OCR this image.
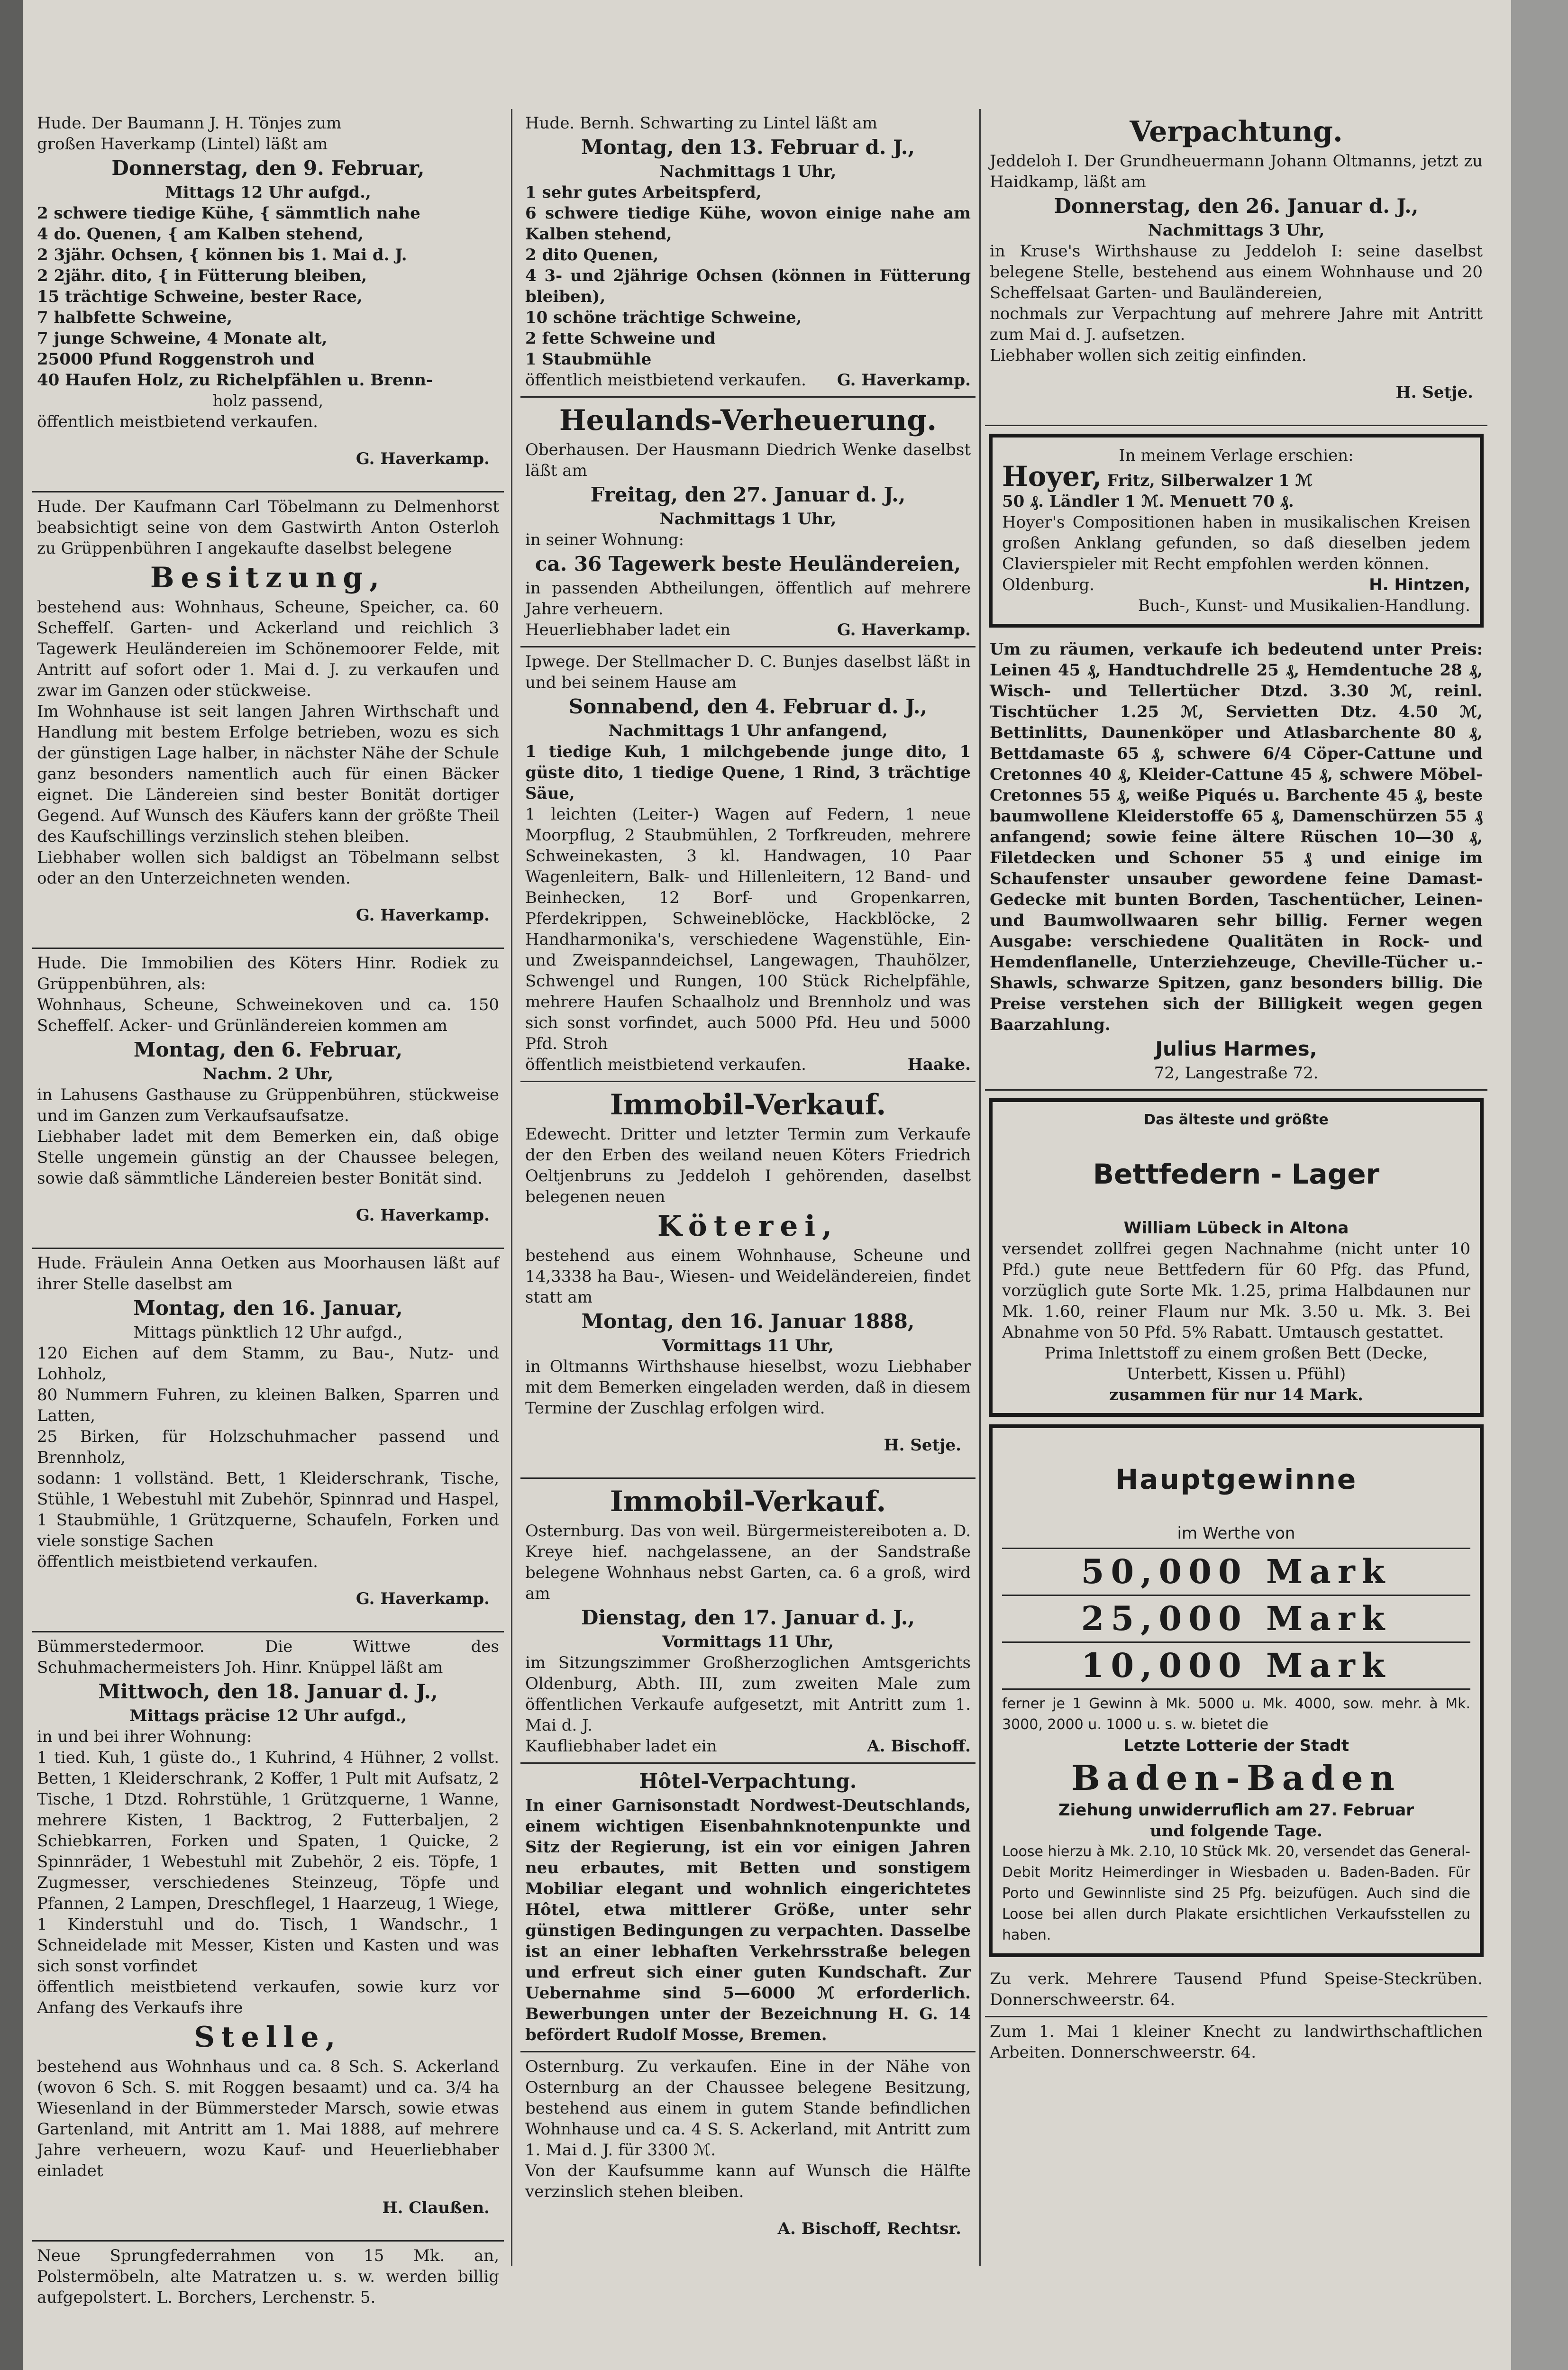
Hude. Der Baumann J. H. Tönjes zum

großen Haverkamp (Lintel) läßt am

Donnerstag, den 9. Februar,

Mittags 12 Uhr aufgd.,

2 schwere tiedige Kühe, { sämmtlich nahe

4 do. Quenen, { am Kalben stehend,

2 3jähr. Ochsen, { können bis 1. Mai d. J.

2 2jähr. dito, { in Fütterung bleiben,

15 trächtige Schweine, bester Race,

7 halbfette Schweine,

7 junge Schweine, 4 Monate alt,

25000 Pfund Roggenstroh und

40 Haufen Holz, zu Richelpfählen u. Brenn-

holz passend,

öffentlich meistbietend verkaufen.

G. Haverkamp.

Hude. Der Kaufmann Carl Töbelmann zu Delmenhorst beabsichtigt seine von dem Gastwirth Anton Osterloh zu Grüppenbühren I angekaufte daselbst belegene

Besitzung,

bestehend aus: Wohnhaus, Scheune, Speicher, ca. 60 Scheffelſ. Garten- und Ackerland und reichlich 3 Tagewerk Heuländereien im Schönemoorer Felde, mit Antritt auf sofort oder 1. Mai d. J. zu verkaufen und zwar im Ganzen oder stückweise.

Im Wohnhause ist seit langen Jahren Wirthschaft und Handlung mit bestem Erfolge betrieben, wozu es sich der günstigen Lage halber, in nächster Nähe der Schule ganz besonders namentlich auch für einen Bäcker eignet. Die Ländereien sind bester Bonität dortiger Gegend. Auf Wunsch des Käufers kann der größte Theil des Kaufschillings verzinslich stehen bleiben.

Liebhaber wollen sich baldigst an Töbelmann selbst oder an den Unterzeichneten wenden.

G. Haverkamp.

Hude. Die Immobilien des Köters Hinr. Rodiek zu Grüppenbühren, als:

Wohnhaus, Scheune, Schweinekoven und ca. 150 Scheffelſ. Acker- und Grünländereien kommen am

Montag, den 6. Februar,

Nachm. 2 Uhr,

in Lahusens Gasthause zu Grüppenbühren, stückweise und im Ganzen zum Verkaufsaufsatze.

Liebhaber ladet mit dem Bemerken ein, daß obige Stelle ungemein günstig an der Chaussee belegen, sowie daß sämmtliche Ländereien bester Bonität sind.

G. Haverkamp.

Hude. Fräulein Anna Oetken aus Moorhausen läßt auf ihrer Stelle daselbst am

Montag, den 16. Januar,

Mittags pünktlich 12 Uhr aufgd.,

120 Eichen auf dem Stamm, zu Bau-, Nutz- und Lohholz,

80 Nummern Fuhren, zu kleinen Balken, Sparren und Latten,

25 Birken, für Holzschuhmacher passend und Brennholz,

sodann: 1 vollständ. Bett, 1 Kleiderschrank, Tische, Stühle, 1 Webestuhl mit Zubehör, Spinnrad und Haspel, 1 Staubmühle, 1 Grützquerne, Schaufeln, Forken und viele sonstige Sachen

öffentlich meistbietend verkaufen.

G. Haverkamp.

Bümmerstedermoor. Die Wittwe des Schuhmachermeisters Joh. Hinr. Knüppel läßt am

Mittwoch, den 18. Januar d. J.,

Mittags präcise 12 Uhr aufgd.,

in und bei ihrer Wohnung:

1 tied. Kuh, 1 güste do., 1 Kuhrind, 4 Hühner, 2 vollst. Betten, 1 Kleiderschrank, 2 Koffer, 1 Pult mit Aufsatz, 2 Tische, 1 Dtzd. Rohrstühle, 1 Grützquerne, 1 Wanne, mehrere Kisten, 1 Backtrog, 2 Futterbaljen, 2 Schiebkarren, Forken und Spaten, 1 Quicke, 2 Spinnräder, 1 Webestuhl mit Zubehör, 2 eis. Töpfe, 1 Zugmesser, verschiedenes Steinzeug, Töpfe und Pfannen, 2 Lampen, Dreschflegel, 1 Haarzeug, 1 Wiege, 1 Kinderstuhl und do. Tisch, 1 Wandschr., 1 Schneidelade mit Messer, Kisten und Kasten und was sich sonst vorfindet

öffentlich meistbietend verkaufen, sowie kurz vor Anfang des Verkaufs ihre

Stelle,

bestehend aus Wohnhaus und ca. 8 Sch. S. Ackerland (wovon 6 Sch. S. mit Roggen besaamt) und ca. 3/4 ha Wiesenland in der Bümmersteder Marsch, sowie etwas Gartenland, mit Antritt am 1. Mai 1888, auf mehrere Jahre verheuern, wozu Kauf- und Heuerliebhaber einladet

H. Claußen.

Neue Sprungfederrahmen von 15 Mk. an, Polstermöbeln, alte Matratzen u. s. w. werden billig aufgepolstert. L. Borchers, Lerchenstr. 5.

Hude. Bernh. Schwarting zu Lintel läßt am

Montag, den 13. Februar d. J.,

Nachmittags 1 Uhr,

1 sehr gutes Arbeitspferd,

6 schwere tiedige Kühe, wovon einige nahe am Kalben stehend,

2 dito Quenen,

4 3- und 2jährige Ochsen (können in Fütterung bleiben),

10 schöne trächtige Schweine,

2 fette Schweine und

1 Staubmühle

öffentlich meistbietend verkaufen. G. Haverkamp.

Heulands-Verheuerung.

Oberhausen. Der Hausmann Diedrich Wenke daselbst läßt am

Freitag, den 27. Januar d. J.,

Nachmittags 1 Uhr,

in seiner Wohnung:

ca. 36 Tagewerk beste Heuländereien,

in passenden Abtheilungen, öffentlich auf mehrere Jahre verheuern.

Heuerliebhaber ladet ein	G. Haverkamp.

Ipwege. Der Stellmacher D. C. Bunjes daselbst läßt in und bei seinem Hause am

Sonnabend, den 4. Februar d. J.,

Nachmittags 1 Uhr anfangend,

1 tiedige Kuh, 1 milchgebende junge dito, 1 güste dito, 1 tiedige Quene, 1 Rind, 3 trächtige Säue,

1 leichten (Leiter-) Wagen auf Federn, 1 neue Moorpflug, 2 Staubmühlen, 2 Torfkreuden, mehrere Schweinekasten, 3 kl. Handwagen, 10 Paar Wagenleitern, Balk- und Hillenleitern, 12 Band- und Beinhecken, 12 Borf- und Gropenkarren, Pferdekrippen, Schweineblöcke, Hackblöcke, 2 Handharmonika's, verschiedene Wagenstühle, Ein- und Zweispanndeichsel, Langewagen, Thauhölzer, Schwengel und Rungen, 100 Stück Richelpfähle, mehrere Haufen Schaalholz und Brennholz und was sich sonst vorfindet, auch 5000 Pfd. Heu und 5000 Pfd. Stroh

öffentlich meistbietend verkaufen.	Haake.

Immobil-Verkauf.

Edewecht. Dritter und letzter Termin zum Verkaufe der den Erben des weiland neuen Köters Friedrich Oeltjenbruns zu Jeddeloh I gehörenden, daselbst belegenen neuen

Köterei,

bestehend aus einem Wohnhause, Scheune und 14,3338 ha Bau-, Wiesen- und Weideländereien, findet statt am

Montag, den 16. Januar 1888,

Vormittags 11 Uhr,

in Oltmanns Wirthshause hieselbst, wozu Liebhaber mit dem Bemerken eingeladen werden, daß in diesem Termine der Zuschlag erfolgen wird.

H. Setje.

Immobil-Verkauf.

Osternburg. Das von weil. Bürgermeistereiboten a. D. Kreye hief. nachgelassene, an der Sandstraße belegene Wohnhaus nebst Garten, ca. 6 a groß, wird am

Dienstag, den 17. Januar d. J.,

Vormittags 11 Uhr,

im Sitzungszimmer Großherzoglichen Amtsgerichts Oldenburg, Abth. III, zum zweiten Male zum öffentlichen Verkaufe aufgesetzt, mit Antritt zum 1. Mai d. J.

Kaufliebhaber ladet ein	A. Bischoff.

Hôtel-Verpachtung.

In einer Garnisonstadt Nordwest-Deutschlands, einem wichtigen Eisenbahnknotenpunkte und Sitz der Regierung, ist ein vor einigen Jahren neu erbautes, mit Betten und sonstigem Mobiliar elegant und wohnlich eingerichtetes Hôtel, etwa mittlerer Größe, unter sehr günstigen Bedingungen zu verpachten. Dasselbe ist an einer lebhaften Verkehrsstraße belegen und erfreut sich einer guten Kundschaft. Zur Uebernahme sind 5—6000 ℳ erforderlich. Bewerbungen unter der Bezeichnung H. G. 14 befördert Rudolf Mosse, Bremen.

Osternburg. Zu verkaufen. Eine in der Nähe von Osternburg an der Chaussee belegene Besitzung, bestehend aus einem in gutem Stande befindlichen Wohnhause und ca. 4 S. S. Ackerland, mit Antritt zum 1. Mai d. J. für 3300 ℳ.

Von der Kaufsumme kann auf Wunsch die Hälfte verzinslich stehen bleiben.

A. Bischoff, Rechtsr.

Verpachtung.

Jeddeloh I. Der Grundheuermann Johann Oltmanns, jetzt zu Haidkamp, läßt am

Donnerstag, den 26. Januar d. J.,

Nachmittags 3 Uhr,

in Kruse's Wirthshause zu Jeddeloh I: seine daselbst belegene Stelle, bestehend aus einem Wohnhause und 20 Scheffelsaat Garten- und Bauländereien,

nochmals zur Verpachtung auf mehrere Jahre mit Antritt zum Mai d. J. aufsetzen.

Liebhaber wollen sich zeitig einfinden.

H. Setje.

In meinem Verlage erschien:

Hoyer, Fritz, Silberwalzer 1 ℳ

50 ₰. Ländler 1 ℳ. Menuett 70 ₰.

Hoyer's Compositionen haben in musikalischen Kreisen großen Anklang gefunden, so daß dieselben jedem Clavierspieler mit Recht empfohlen werden können.

Oldenburg.	H. Hintzen,

Buch-, Kunst- und Musikalien-Handlung.

Um zu räumen, verkaufe ich bedeutend unter Preis: Leinen 45 ₰, Handtuchdrelle 25 ₰, Hemdentuche 28 ₰, Wisch- und Tellertücher Dtzd. 3.30 ℳ, reinl. Tischtücher 1.25 ℳ, Servietten Dtz. 4.50 ℳ, Bettinlitts, Daunenköper und Atlasbarchente 80 ₰, Bettdamaste 65 ₰, schwere 6/4 Cöper-Cattune und Cretonnes 40 ₰, Kleider-Cattune 45 ₰, schwere Möbel-Cretonnes 55 ₰, weiße Piqués u. Barchente 45 ₰, beste baumwollene Kleiderstoffe 65 ₰, Damenschürzen 55 ₰ anfangend; sowie feine ältere Rüschen 10—30 ₰, Filetdecken und Schoner 55 ₰ und einige im Schaufenster unsauber gewordene feine Damast-Gedecke mit bunten Borden, Taschentücher, Leinen- und Baumwollwaaren sehr billig. Ferner wegen Ausgabe: verschiedene Qualitäten in Rock- und Hemdenflanelle, Unterziehzeuge, Cheville-Tücher u.-Shawls, schwarze Spitzen, ganz besonders billig. Die Preise verstehen sich der Billigkeit wegen gegen Baarzahlung.

Julius Harmes,

72, Langestraße 72.

Das älteste und größte

Bettfedern - Lager

William Lübeck in Altona

versendet zollfrei gegen Nachnahme (nicht unter 10 Pfd.) gute neue Bettfedern für 60 Pfg. das Pfund, vorzüglich gute Sorte Mk. 1.25, prima Halbdaunen nur Mk. 1.60, reiner Flaum nur Mk. 3.50 u. Mk. 3. Bei Abnahme von 50 Pfd. 5% Rabatt. Umtausch gestattet.

Prima Inlettstoff zu einem großen Bett (Decke, Unterbett, Kissen u. Pfühl)

zusammen für nur 14 Mark.

Hauptgewinne

im Werthe von

50,000 Mark

25,000 Mark

10,000 Mark

ferner je 1 Gewinn à Mk. 5000 u. Mk. 4000, sow. mehr. à Mk. 3000, 2000 u. 1000 u. s. w. bietet die

Letzte Lotterie der Stadt

Baden-Baden

Ziehung unwiderruflich am 27. Februar

und folgende Tage.

Loose hierzu à Mk. 2.10, 10 Stück Mk. 20, versendet das General-Debit Moritz Heimerdinger in Wiesbaden u. Baden-Baden. Für Porto und Gewinnliste sind 25 Pfg. beizufügen. Auch sind die Loose bei allen durch Plakate ersichtlichen Verkaufsstellen zu haben.

Zu verk. Mehrere Tausend Pfund Speise-Steckrüben. Donnerschweerstr. 64.

Zum 1. Mai 1 kleiner Knecht zu landwirthschaftlichen Arbeiten. Donnerschweerstr. 64.
